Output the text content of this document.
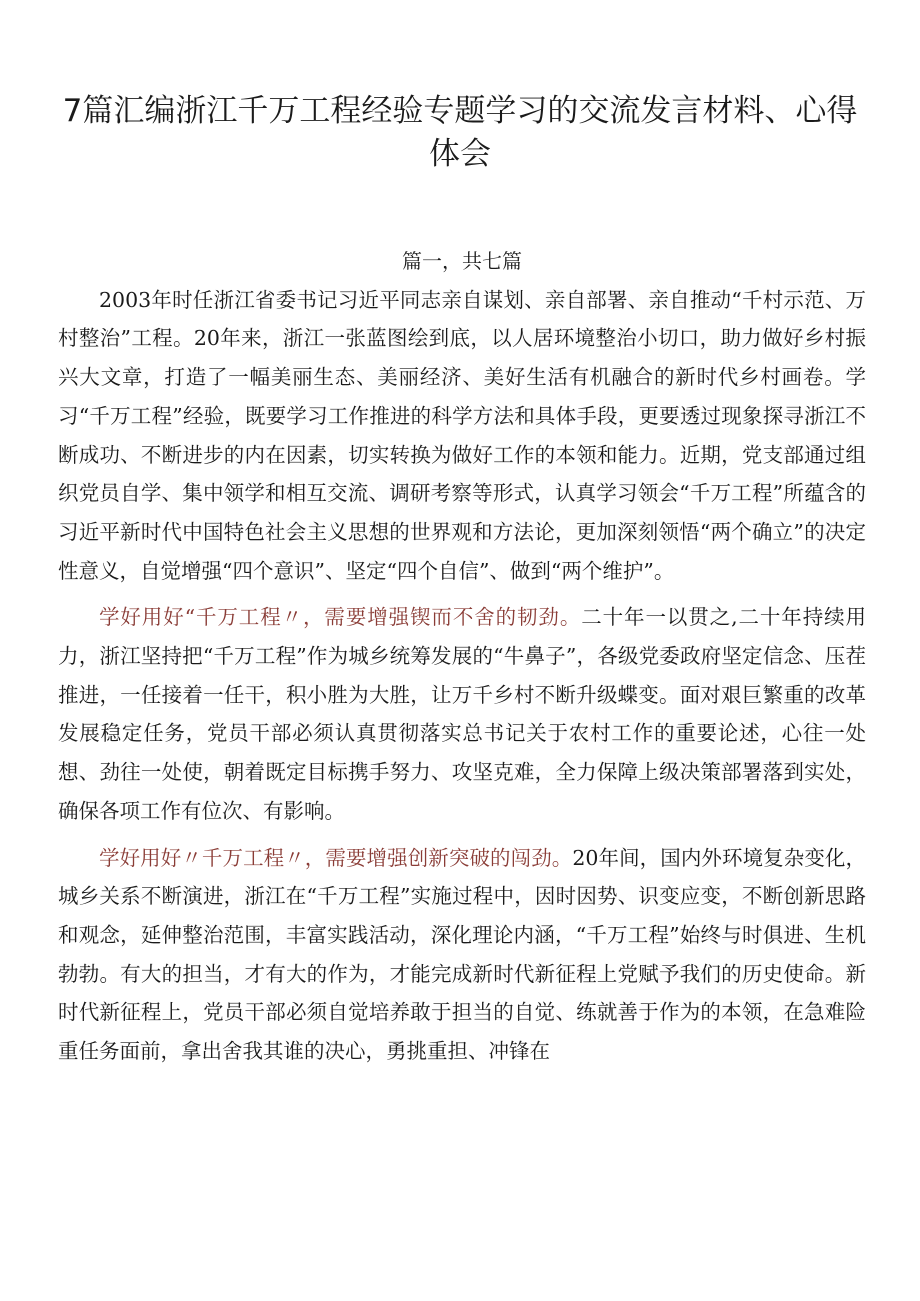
7篇汇编浙江千万工程经验专题学习的交流发言材料、心得体会

篇一，共七篇

2003年时任浙江省委书记习近平同志亲自谋划、亲自部署、亲自推动“千村示范、万村整治”工程。20年来，浙江一张蓝图绘到底，以人居环境整治小切口，助力做好乡村振兴大文章，打造了一幅美丽生态、美丽经济、美好生活有机融合的新时代乡村画卷。学习“千万工程”经验，既要学习工作推进的科学方法和具体手段，更要透过现象探寻浙江不断成功、不断进步的内在因素，切实转换为做好工作的本领和能力。近期，党支部通过组织党员自学、集中领学和相互交流、调研考察等形式，认真学习领会“千万工程”所蕴含的习近平新时代中国特色社会主义思想的世界观和方法论，更加深刻领悟“两个确立”的决定性意义，自觉增强“四个意识”、坚定“四个自信”、做到“两个维护”。

学好用好“千万工程〃，需要增强锲而不舍的韧劲。二十年一以贯之,二十年持续用力，浙江坚持把“千万工程”作为城乡统筹发展的“牛鼻子”，各级党委政府坚定信念、压茬推进，一任接着一任干，积小胜为大胜，让万千乡村不断升级蝶变。面对艰巨繁重的改革发展稳定任务，党员干部必须认真贯彻落实总书记关于农村工作的重要论述，心往一处想、劲往一处使，朝着既定目标携手努力、攻坚克难，全力保障上级决策部署落到实处，确保各项工作有位次、有影响。

学好用好〃千万工程〃，需要增强创新突破的闯劲。20年间，国内外环境复杂变化，城乡关系不断演进，浙江在“千万工程”实施过程中，因时因势、识变应变，不断创新思路和观念，延伸整治范围，丰富实践活动，深化理论内涵，“千万工程”始终与时俱进、生机勃勃。有大的担当，才有大的作为，才能完成新时代新征程上党赋予我们的历史使命。新时代新征程上，党员干部必须自觉培养敢于担当的自觉、练就善于作为的本领，在急难险重任务面前，拿出舍我其谁的决心，勇挑重担、冲锋在
